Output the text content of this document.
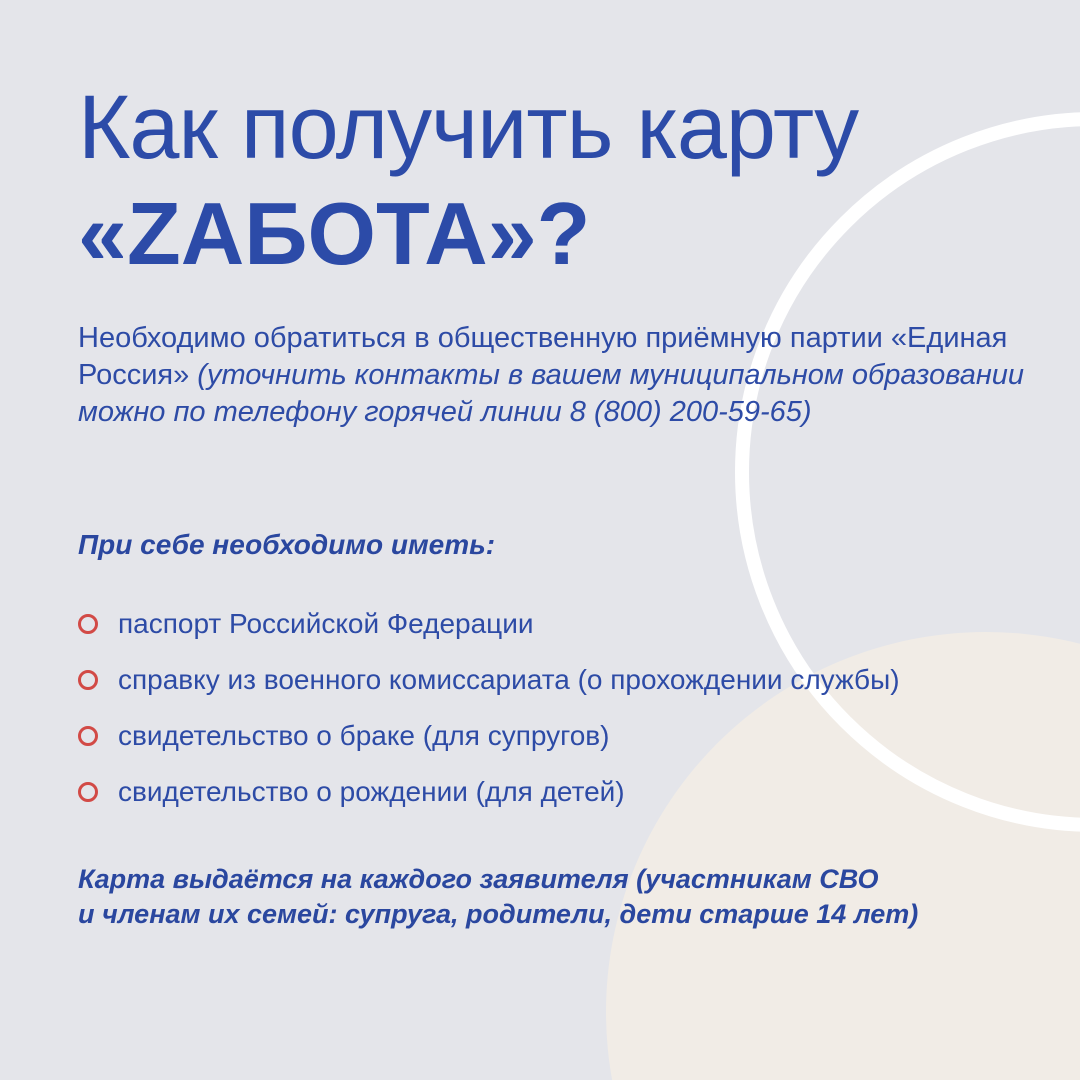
Как получить карту
«ZАБОТА»?

Необходимо обратиться в общественную приёмную партии «Единая Россия» (уточнить контакты в вашем муниципальном образовании можно по телефону горячей линии 8 (800) 200-59-65)

При себе необходимо иметь:
паспорт Российской Федерации
справку из военного комиссариата (о прохождении службы)
свидетельство о браке (для супругов)
свидетельство о рождении (для детей)

Карта выдаётся на каждого заявителя (участникам СВО
и членам их семей: супруга, родители, дети старше 14 лет)
